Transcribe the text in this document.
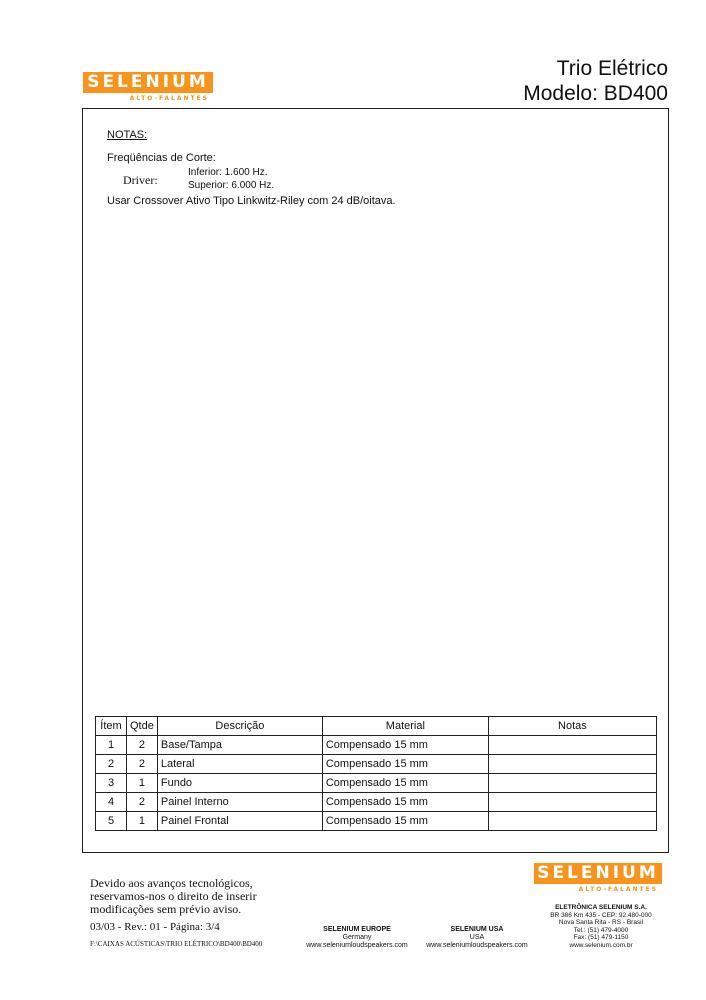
SELENIUM
ALTO-FALANTES
Trio Elétrico
Modelo: BD400
NOTAS:
Freqüências de Corte:
Driver:
Inferior: 1.600 Hz.
Superior: 6.000 Hz.
Usar Crossover Ativo Tipo Linkwitz-Riley com 24 dB/oitava.
Ítem	Qtde	Descrição	Material	Notas
1	2	Base/Tampa	Compensado 15 mm	
2	2	Lateral	Compensado 15 mm	
3	1	Fundo	Compensado 15 mm	
4	2	Painel Interno	Compensado 15 mm	
5	1	Painel Frontal	Compensado 15 mm	
Devido aos avanços tecnológicos,
reservamos-nos o direito de inserir
modificações sem prévio aviso.
03/03 - Rev.: 01 - Página: 3/4
F:\CAIXAS ACÚSTICAS\TRIO ELÉTRICO\BD400\BD400
SELENIUM EUROPE
Germany
www.seleniumloudspeakers.com
SELENIUM USA
USA
www.seleniumloudspeakers.com
SELENIUM
ALTO-FALANTES
ELETRÔNICA SELENIUM S.A.
BR 386 Km 435 - CEP: 92.480-000
Nova Santa Rita - RS - Brasil
Tel.: (51) 479-4000
Fax: (51) 479-1150
www.selenium.com.br
